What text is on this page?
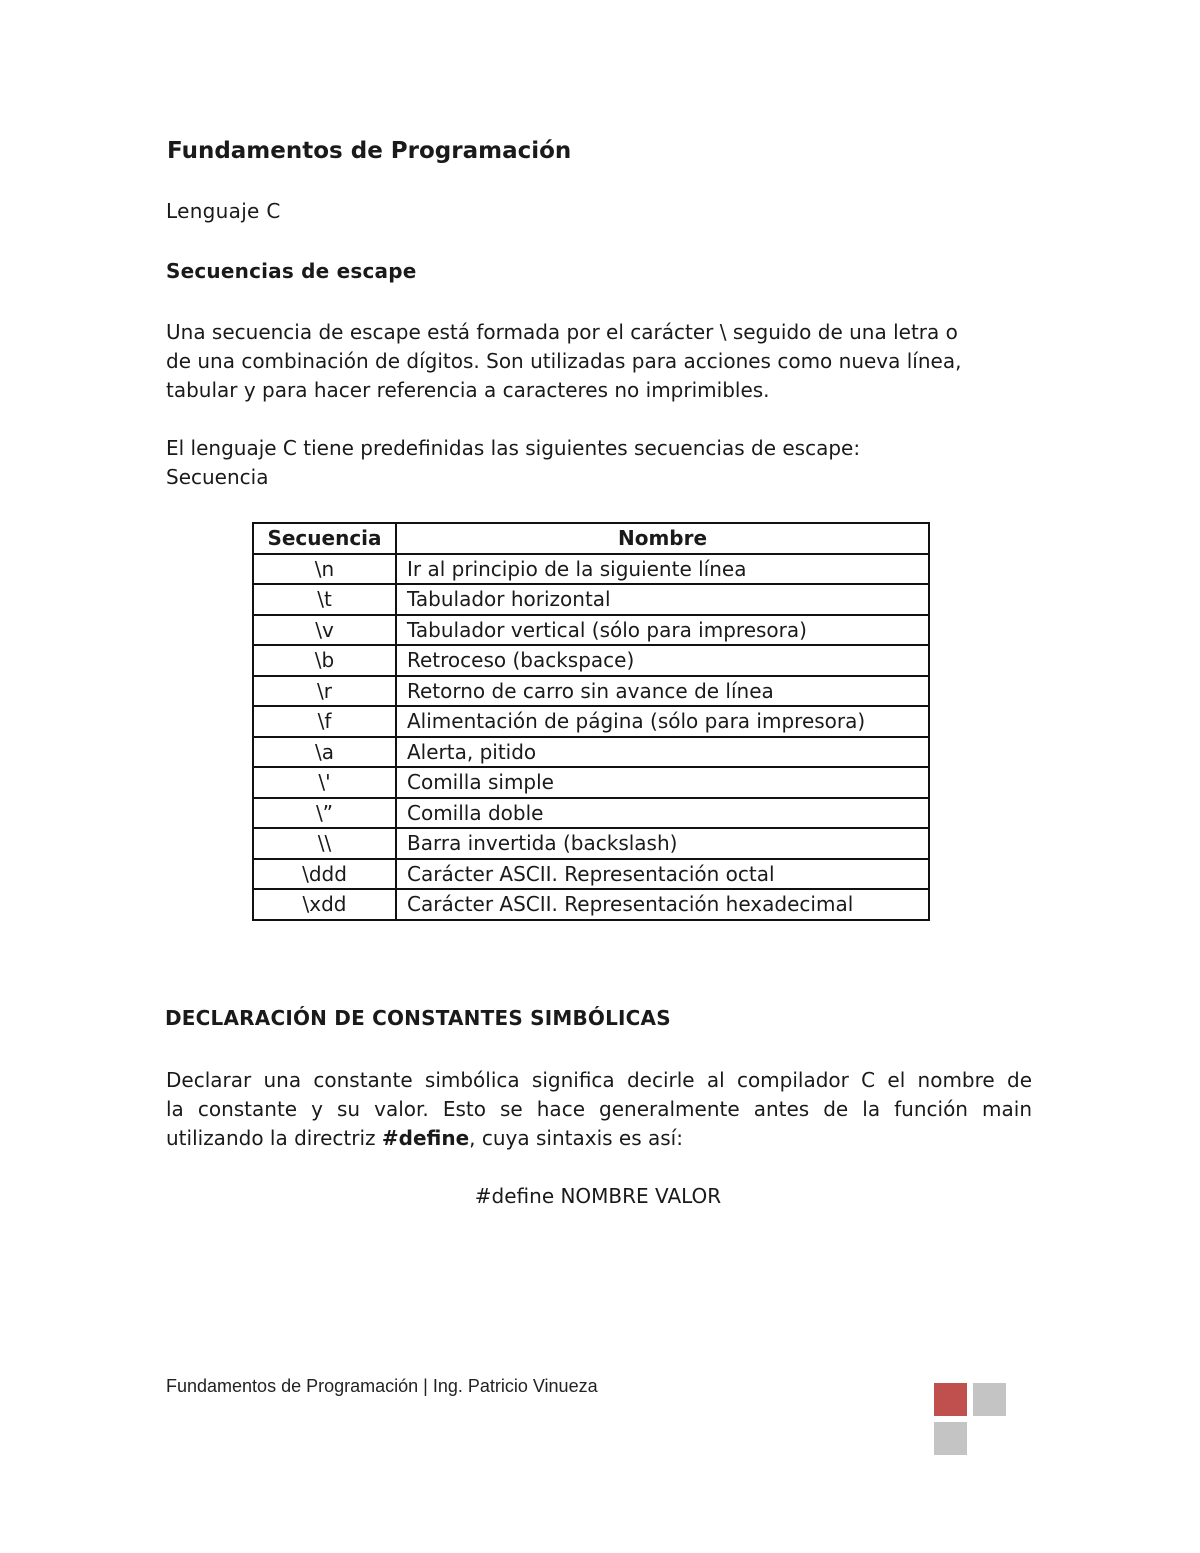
Fundamentos de Programación
Lenguaje C
Secuencias de escape
Una secuencia de escape está formada por el carácter \ seguido de una letra o
de una combinación de dígitos. Son utilizadas para acciones como nueva línea,
tabular y para hacer referencia a caracteres no imprimibles.
El lenguaje C tiene predefinidas las siguientes secuencias de escape:
Secuencia
Secuencia	Nombre
\n	Ir al principio de la siguiente línea
\t	Tabulador horizontal
\v	Tabulador vertical (sólo para impresora)
\b	Retroceso (backspace)
\r	Retorno de carro sin avance de línea
\f	Alimentación de página (sólo para impresora)
\a	Alerta, pitido
\'	Comilla simple
\”	Comilla doble
\\	Barra invertida (backslash)
\ddd	Carácter ASCII. Representación octal
\xdd	Carácter ASCII. Representación hexadecimal
DECLARACIÓN DE CONSTANTES SIMBÓLICAS
Declarar una constante simbólica significa decirle al compilador C el nombre de
la constante y su valor. Esto se hace generalmente antes de la función main
utilizando la directriz #define, cuya sintaxis es así:
#define NOMBRE VALOR
Fundamentos de Programación | Ing. Patricio Vinueza
